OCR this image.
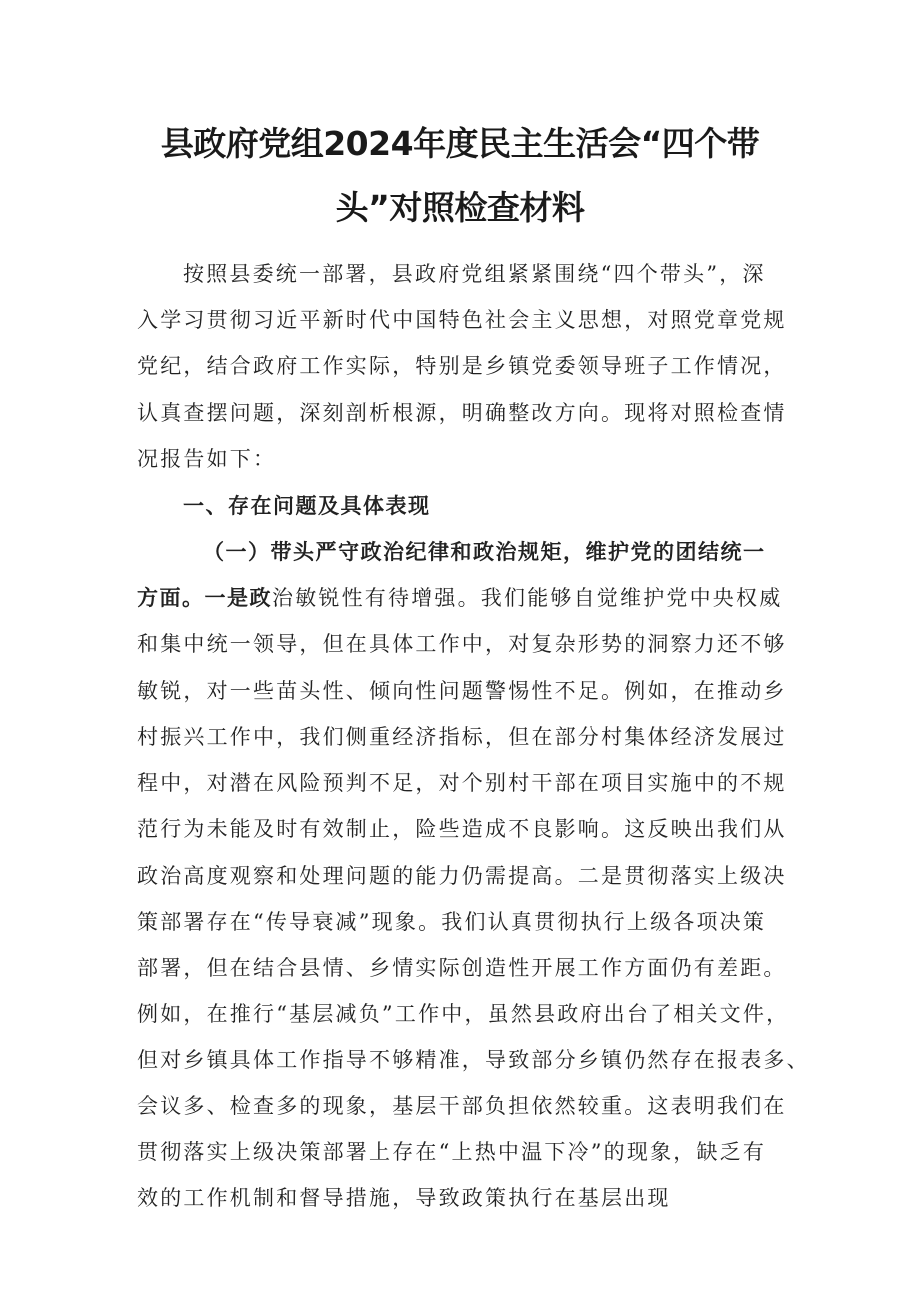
县政府党组2024年度民主生活会“四个带
头”对照检查材料
按照县委统一部署，县政府党组紧紧围绕“四个带头”，深
入学习贯彻习近平新时代中国特色社会主义思想，对照党章党规
党纪，结合政府工作实际，特别是乡镇党委领导班子工作情况，
认真查摆问题，深刻剖析根源，明确整改方向。现将对照检查情
况报告如下：
一、存在问题及具体表现
（一）带头严守政治纪律和政治规矩，维护党的团结统一
方面。一是政治敏锐性有待增强。我们能够自觉维护党中央权威
和集中统一领导，但在具体工作中，对复杂形势的洞察力还不够
敏锐，对一些苗头性、倾向性问题警惕性不足。例如，在推动乡
村振兴工作中，我们侧重经济指标，但在部分村集体经济发展过
程中，对潜在风险预判不足，对个别村干部在项目实施中的不规
范行为未能及时有效制止，险些造成不良影响。这反映出我们从
政治高度观察和处理问题的能力仍需提高。二是贯彻落实上级决
策部署存在“传导衰减”现象。我们认真贯彻执行上级各项决策
部署，但在结合县情、乡情实际创造性开展工作方面仍有差距。
例如，在推行“基层减负”工作中，虽然县政府出台了相关文件，
但对乡镇具体工作指导不够精准，导致部分乡镇仍然存在报表多、
会议多、检查多的现象，基层干部负担依然较重。这表明我们在
贯彻落实上级决策部署上存在“上热中温下冷”的现象，缺乏有
效的工作机制和督导措施，导致政策执行在基层出现
